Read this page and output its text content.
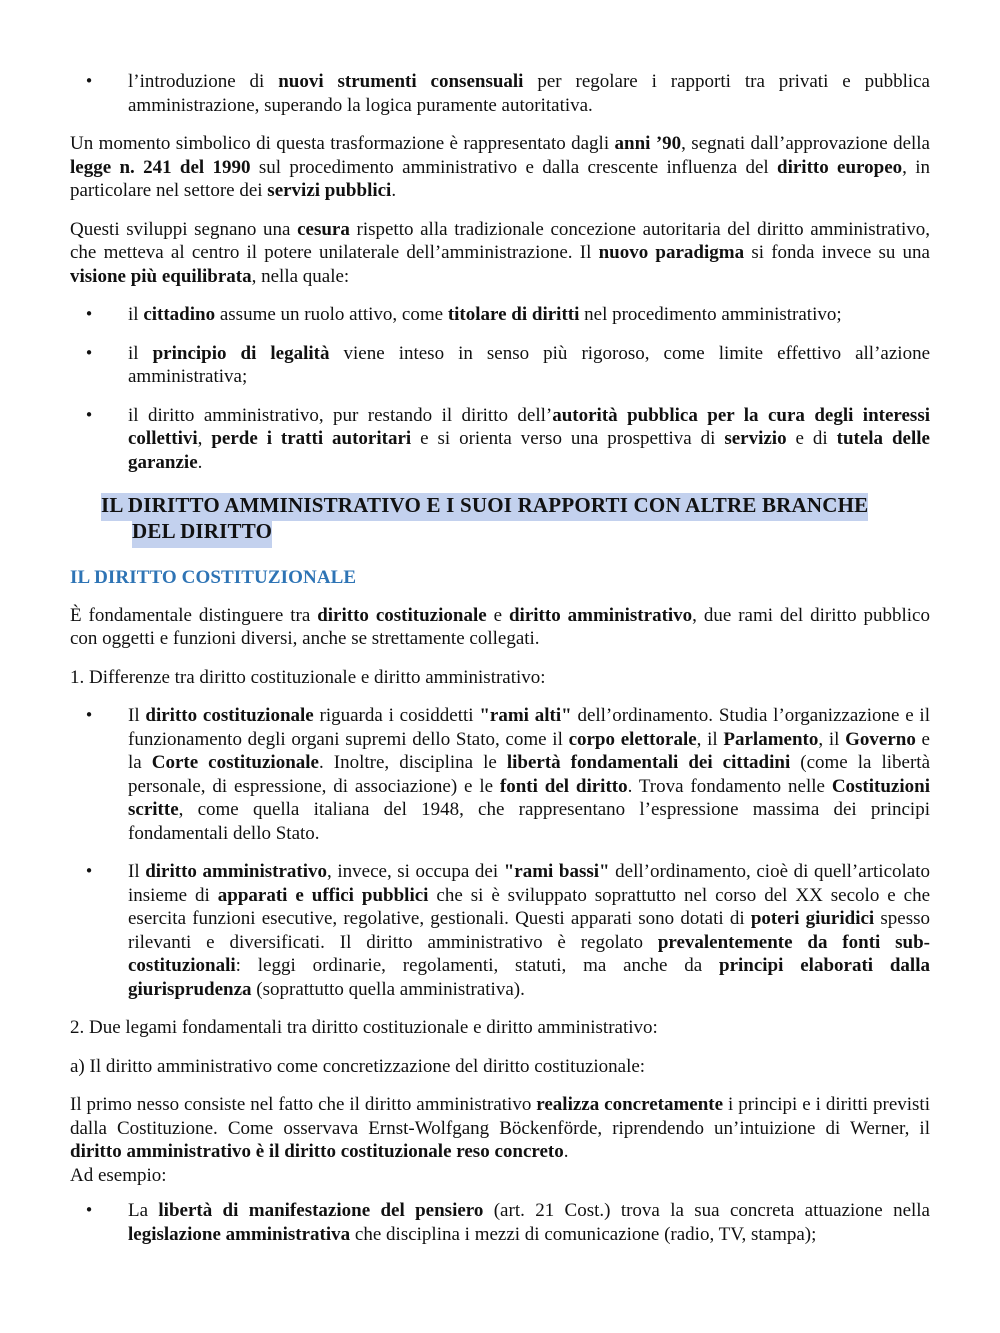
• l’introduzione di nuovi strumenti consensuali per regolare i rapporti tra privati e pubblica amministrazione, superando la logica puramente autoritativa.

Un momento simbolico di questa trasformazione è rappresentato dagli anni ’90, segnati dall’approvazione della legge n. 241 del 1990 sul procedimento amministrativo e dalla crescente influenza del diritto europeo, in particolare nel settore dei servizi pubblici.

Questi sviluppi segnano una cesura rispetto alla tradizionale concezione autoritaria del diritto amministrativo, che metteva al centro il potere unilaterale dell’amministrazione. Il nuovo paradigma si fonda invece su una visione più equilibrata, nella quale:

• il cittadino assume un ruolo attivo, come titolare di diritti nel procedimento amministrativo;
• il principio di legalità viene inteso in senso più rigoroso, come limite effettivo all’azione amministrativa;
• il diritto amministrativo, pur restando il diritto dell’autorità pubblica per la cura degli interessi collettivi, perde i tratti autoritari e si orienta verso una prospettiva di servizio e di tutela delle garanzie.
IL DIRITTO AMMINISTRATIVO E I SUOI RAPPORTI CON ALTRE BRANCHE
DEL DIRITTO
IL DIRITTO COSTITUZIONALE

È fondamentale distinguere tra diritto costituzionale e diritto amministrativo, due rami del diritto pubblico con oggetti e funzioni diversi, anche se strettamente collegati.

1. Differenze tra diritto costituzionale e diritto amministrativo:

• Il diritto costituzionale riguarda i cosiddetti "rami alti" dell’ordinamento. Studia l’organizzazione e il funzionamento degli organi supremi dello Stato, come il corpo elettorale, il Parlamento, il Governo e la Corte costituzionale. Inoltre, disciplina le libertà fondamentali dei cittadini (come la libertà personale, di espressione, di associazione) e le fonti del diritto. Trova fondamento nelle Costituzioni scritte, come quella italiana del 1948, che rappresentano l’espressione massima dei principi fondamentali dello Stato.
• Il diritto amministrativo, invece, si occupa dei "rami bassi" dell’ordinamento, cioè di quell’articolato insieme di apparati e uffici pubblici che si è sviluppato soprattutto nel corso del XX secolo e che esercita funzioni esecutive, regolative, gestionali. Questi apparati sono dotati di poteri giuridici spesso rilevanti e diversificati. Il diritto amministrativo è regolato prevalentemente da fonti sub-costituzionali: leggi ordinarie, regolamenti, statuti, ma anche da principi elaborati dalla giurisprudenza (soprattutto quella amministrativa).

2. Due legami fondamentali tra diritto costituzionale e diritto amministrativo:

a) Il diritto amministrativo come concretizzazione del diritto costituzionale:

Il primo nesso consiste nel fatto che il diritto amministrativo realizza concretamente i principi e i diritti previsti dalla Costituzione. Come osservava Ernst-Wolfgang Böckenförde, riprendendo un’intuizione di Werner, il diritto amministrativo è il diritto costituzionale reso concreto.
Ad esempio:

• La libertà di manifestazione del pensiero (art. 21 Cost.) trova la sua concreta attuazione nella legislazione amministrativa che disciplina i mezzi di comunicazione (radio, TV, stampa);
